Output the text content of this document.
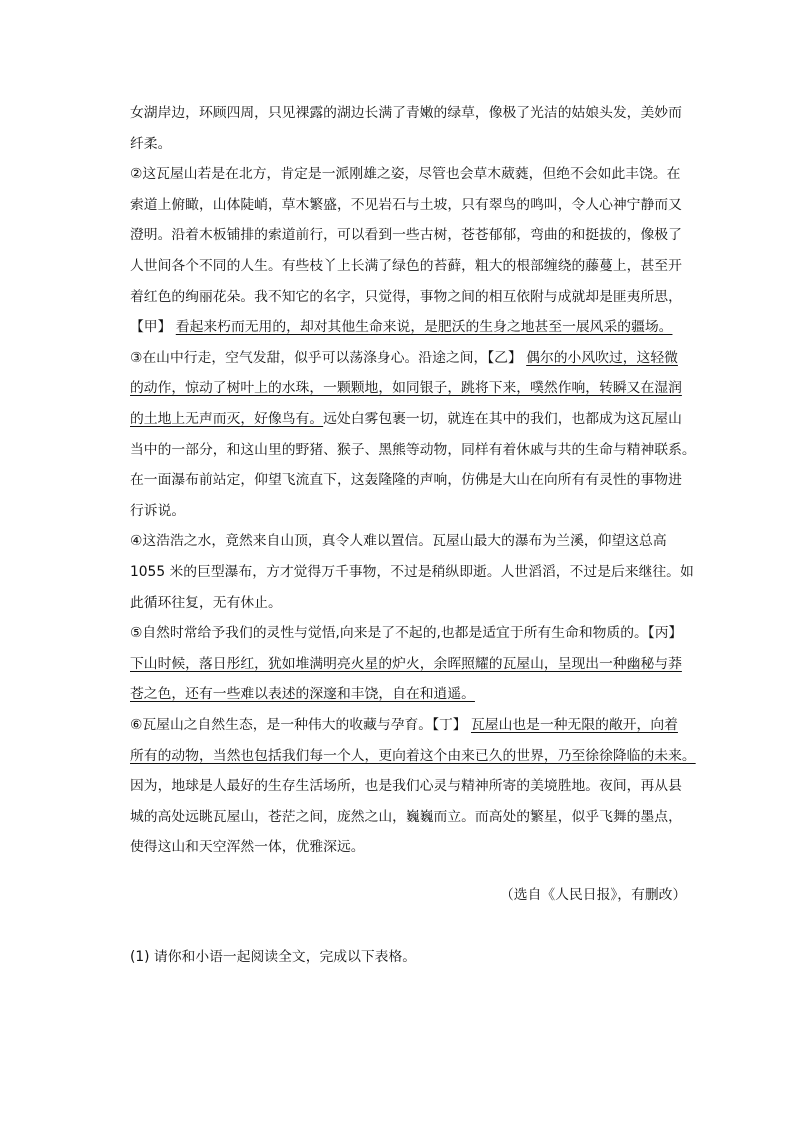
女湖岸边，环顾四周，只见裸露的湖边长满了青嫩的绿草，像极了光洁的姑娘头发，美妙而
纤柔。
②这瓦屋山若是在北方，肯定是一派刚雄之姿，尽管也会草木葳蕤，但绝不会如此丰饶。在
索道上俯瞰，山体陡峭，草木繁盛，不见岩石与土坡，只有翠鸟的鸣叫，令人心神宁静而又
澄明。沿着木板铺排的索道前行，可以看到一些古树，苍苍郁郁，弯曲的和挺拔的，像极了
人世间各个不同的人生。有些枝丫上长满了绿色的苔藓，粗大的根部缠绕的藤蔓上，甚至开
着红色的绚丽花朵。我不知它的名字，只觉得，事物之间的相互依附与成就却是匪夷所思，
【甲】 看起来朽而无用的，却对其他生命来说，是肥沃的生身之地甚至一展风采的疆场。
③在山中行走，空气发甜，似乎可以荡涤身心。沿途之间，【乙】 偶尔的小风吹过，这轻微
的动作，惊动了树叶上的水珠，一颗颗地，如同银子，跳将下来，噗然作响，转瞬又在湿润
的土地上无声而灭，好像鸟有。远处白雾包裹一切，就连在其中的我们，也都成为这瓦屋山
当中的一部分，和这山里的野猪、猴子、黑熊等动物，同样有着休戚与共的生命与精神联系。
在一面瀑布前站定，仰望飞流直下，这轰隆隆的声响，仿佛是大山在向所有有灵性的事物进
行诉说。
④这浩浩之水，竟然来自山顶，真令人难以置信。瓦屋山最大的瀑布为兰溪，仰望这总高
1055 米的巨型瀑布，方才觉得万千事物，不过是稍纵即逝。人世滔滔，不过是后来继往。如
此循环往复，无有休止。
⑤自然时常给予我们的灵性与觉悟,向来是了不起的,也都是适宜于所有生命和物质的。【丙】
下山时候，落日彤红，犹如堆满明亮火星的炉火，余晖照耀的瓦屋山，呈现出一种幽秘与莽
苍之色，还有一些难以表述的深邃和丰饶，自在和逍遥。
⑥瓦屋山之自然生态，是一种伟大的收藏与孕育。【丁】 瓦屋山也是一种无限的敞开，向着
所有的动物，当然也包括我们每一个人，更向着这个由来已久的世界，乃至徐徐降临的未来。
因为，地球是人最好的生存生活场所，也是我们心灵与精神所寄的美境胜地。夜间，再从县
城的高处远眺瓦屋山，苍茫之间，庞然之山，巍巍而立。而高处的繁星，似乎飞舞的墨点，
使得这山和天空浑然一体，优雅深远。
（选自《人民日报》，有删改）
(1) 请你和小语一起阅读全文，完成以下表格。
